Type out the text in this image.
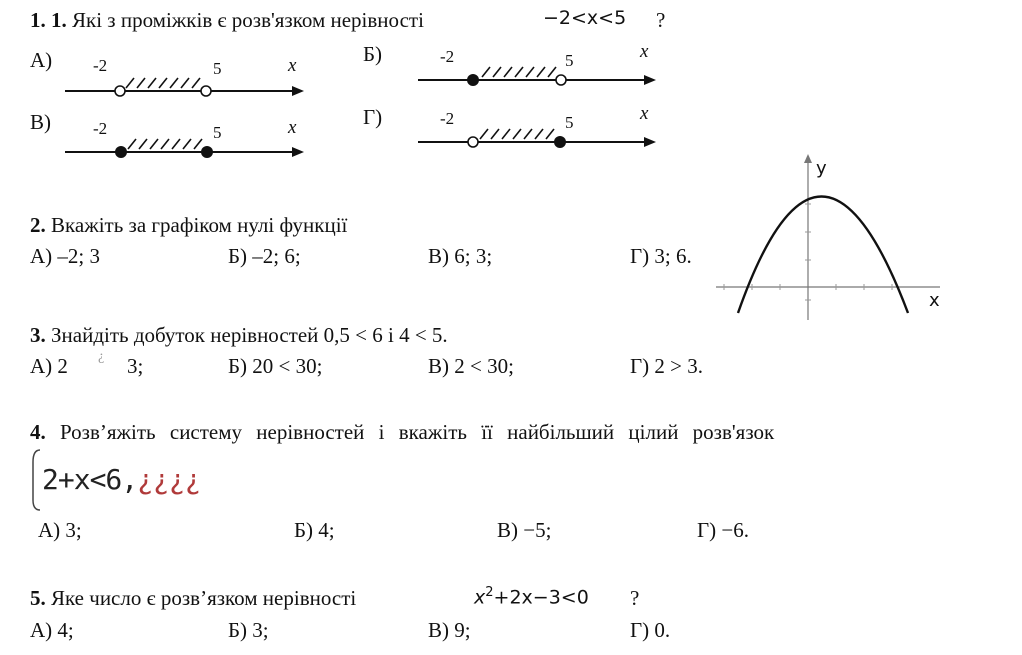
1. 1. Які з проміжків є розв'язком нерівності	−2<x<5 ?
А) -2	5	x	Б)	-2	5	x
В) -2	5	x	Г)	-2	5	x
2. Вкажіть за графіком нулі функції
А) –2; 3	Б) –2; 6;	В) 6; 3;	Г) 3; 6.
y
x
3. Знайдіть добуток нерівностей 0,5 < 6 і 4 < 5.
А) 2 ¿ 3;	Б) 20 < 30;	В) 2 < 30;	Г) 2 > 3.
4. Розв’яжіть систему нерівностей і вкажіть її найбільший цілий розв'язок
2+x<6,¿¿¿¿
А) 3;	Б) 4;	В) −5;	Г) −6.
5. Яке число є розв’язком нерівності	$x^2+2x-3<0$ ?
А) 4;	Б) 3;	В) 9;	Г) 0.
